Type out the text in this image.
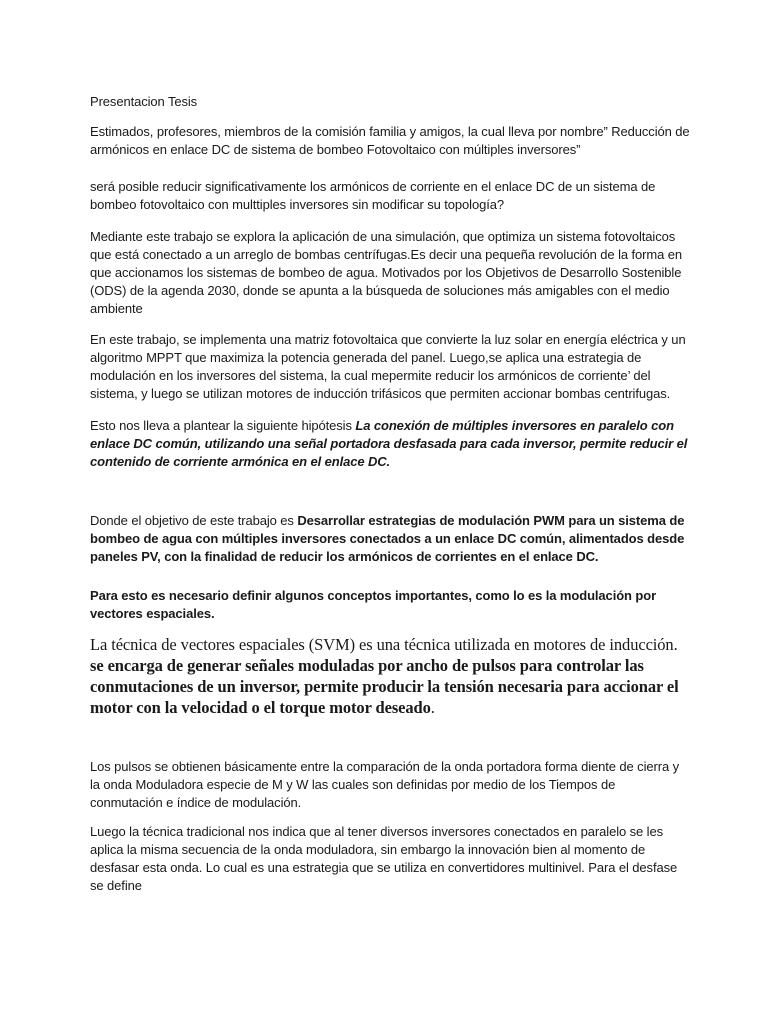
Presentacion Tesis

Estimados, profesores, miembros de la comisión familia y amigos, la cual lleva por nombre” Reducción de armónicos en enlace DC de sistema de bombeo Fotovoltaico con múltiples inversores”

será posible reducir significativamente los armónicos de corriente en el enlace DC de un sistema de bombeo fotovoltaico con multtiples inversores sin modificar su topología?

Mediante este trabajo se explora la aplicación de una simulación, que optimiza un sistema fotovoltaicos que está conectado a un arreglo de bombas centrífugas.Es decir una pequeña revolución de la forma en que accionamos los sistemas de bombeo de agua. Motivados por los Objetivos de Desarrollo Sostenible (ODS) de la agenda 2030, donde se apunta a la búsqueda de soluciones más amigables con el medio ambiente

En este trabajo, se implementa una matriz fotovoltaica que convierte la luz solar en energía eléctrica y un algoritmo MPPT que maximiza la potencia generada del panel. Luego,se aplica una estrategia de modulación en los inversores del sistema, la cual mepermite reducir los armónicos de corriente’ del sistema, y luego se utilizan motores de inducción trifásicos que permiten accionar bombas centrifugas.

Esto nos lleva a plantear la siguiente hipótesis La conexión de múltiples inversores en paralelo con enlace DC común, utilizando una señal portadora desfasada para cada inversor, permite reducir el contenido de corriente armónica en el enlace DC.

Donde el objetivo de este trabajo es Desarrollar estrategias de modulación PWM para un sistema de bombeo de agua con múltiples inversores conectados a un enlace DC común, alimentados desde paneles PV, con la finalidad de reducir los armónicos de corrientes en el enlace DC.

Para esto es necesario definir algunos conceptos importantes, como lo es la modulación por vectores espaciales.

La técnica de vectores espaciales (SVM) es una técnica utilizada en motores de inducción. se encarga de generar señales moduladas por ancho de pulsos para controlar las conmutaciones de un inversor, permite producir la tensión necesaria para accionar el motor con la velocidad o el torque motor deseado.

Los pulsos se obtienen básicamente entre la comparación de la onda portadora forma diente de cierra y la onda Moduladora especie de M y W las cuales son definidas por medio de los Tiempos de conmutación e índice de modulación.

Luego la técnica tradicional nos indica que al tener diversos inversores conectados en paralelo se les aplica la misma secuencia de la onda moduladora, sin embargo la innovación bien al momento de desfasar esta onda. Lo cual es una estrategia que se utiliza en convertidores multinivel. Para el desfase se define
